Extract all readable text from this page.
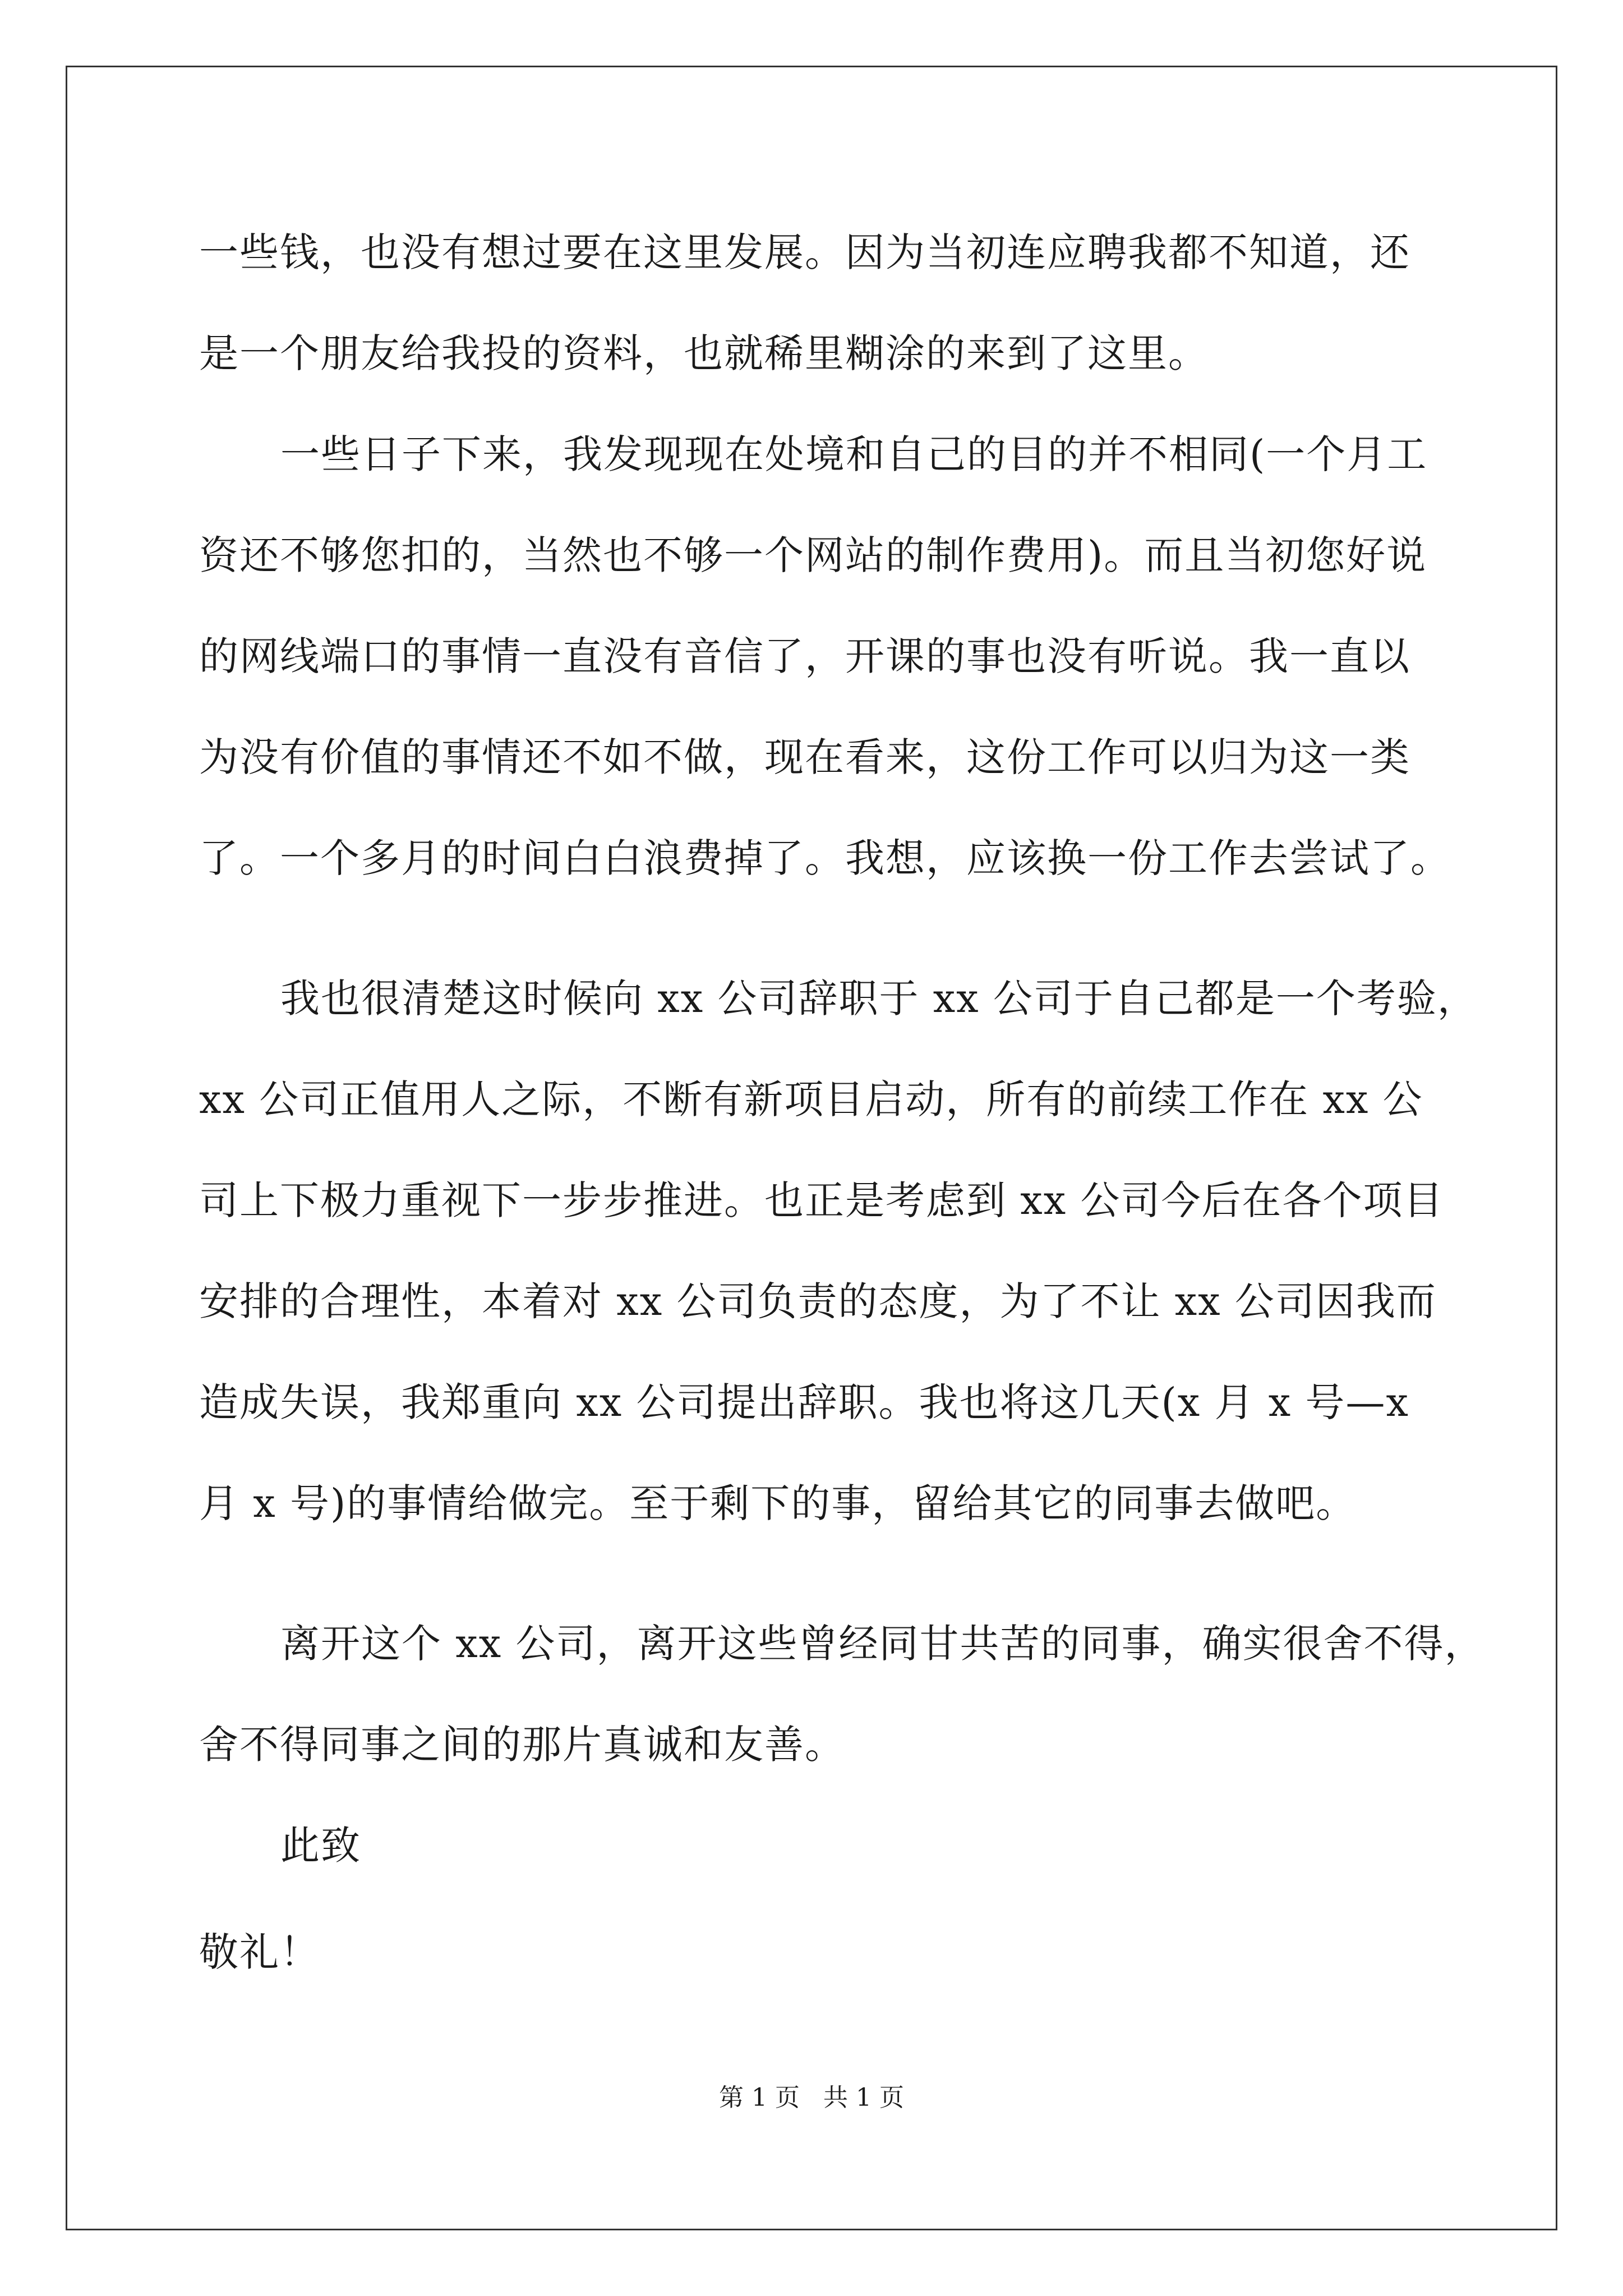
一些钱，也没有想过要在这里发展。因为当初连应聘我都不知道，还
是一个朋友给我投的资料，也就稀里糊涂的来到了这里。
一些日子下来，我发现现在处境和自己的目的并不相同(一个月工
资还不够您扣的，当然也不够一个网站的制作费用)。而且当初您好说
的网线端口的事情一直没有音信了，开课的事也没有听说。我一直以
为没有价值的事情还不如不做，现在看来，这份工作可以归为这一类
了。一个多月的时间白白浪费掉了。我想，应该换一份工作去尝试了。
我也很清楚这时候向 xx 公司辞职于 xx 公司于自己都是一个考验，
xx 公司正值用人之际，不断有新项目启动，所有的前续工作在 xx 公
司上下极力重视下一步步推进。也正是考虑到 xx 公司今后在各个项目
安排的合理性，本着对 xx 公司负责的态度，为了不让 xx 公司因我而
造成失误，我郑重向 xx 公司提出辞职。我也将这几天(x 月 x 号—x
月 x 号)的事情给做完。至于剩下的事，留给其它的同事去做吧。
离开这个 xx 公司，离开这些曾经同甘共苦的同事，确实很舍不得，
舍不得同事之间的那片真诚和友善。
此致
敬礼！
第 1 页   共 1 页
